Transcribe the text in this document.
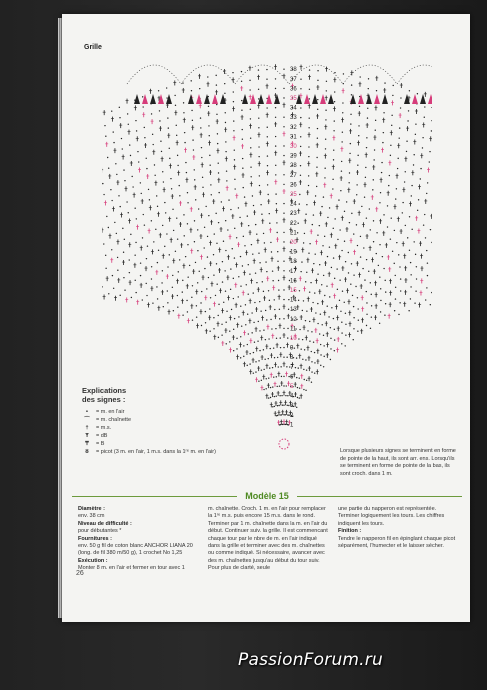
Grille
38
37
36
35
34
33
32
31
30
29
28
27
26
25
24
23
22
21
20
19
18
17
16
15
14
13
12
11
10
9
8
7
6
5
4
3
2
1
Explications
des signes :
•	= m. en l'air
⌒	= m. chaînette
†	= m.s.
Ŧ	= dB
₸	= B
ȣ	= picot (3 m. en l'air, 1 m.s. dans la 1ʳᵉ m. en l'air)	Lorsque plusieurs signes se terminent en forme de pointe de la haut, ils sont arr. ens. Lorsqu'ils se terminent en forme de pointe de la bas, ils sont croch. dans 1 m.
Modèle 15
Diamètre :
env. 38 cm
Niveau de difficulté :
pour débutantes *
Fournitures :
env. 50 g fil de coton blanc ANCHOR LIANA 20 (long. de fil 380 m/50 g), 1 crochet No 1,25
Exécution :
Monter 8 m. en l'air et fermer en tour avec 1
m. chaînette. Croch. 1 m. en l'air pour remplacer la 1ʳᵉ m.s. puis encore 15 m.s. dans le rond. Terminer par 1 m. chaînette dans la m. en l'air du début. Continuer suiv. la grille. Il est commencant chaque tour par le nbre de m. en l'air indiqué dans la grille et terminer avec des m. chaînettes ou comme indiqué. Si nécessaire, avancer avec des m. chaînettes jusqu'au début du tour suiv. Pour plus de clarté, seule
une partie du napperon est représentée. Terminer logiquement les tours. Les chiffres indiquent les tours.
Finition :
Tendre le napperon fil en épinglant chaque picot séparément, l'humecter et le laisser sécher.
26
PassionForum.ru
